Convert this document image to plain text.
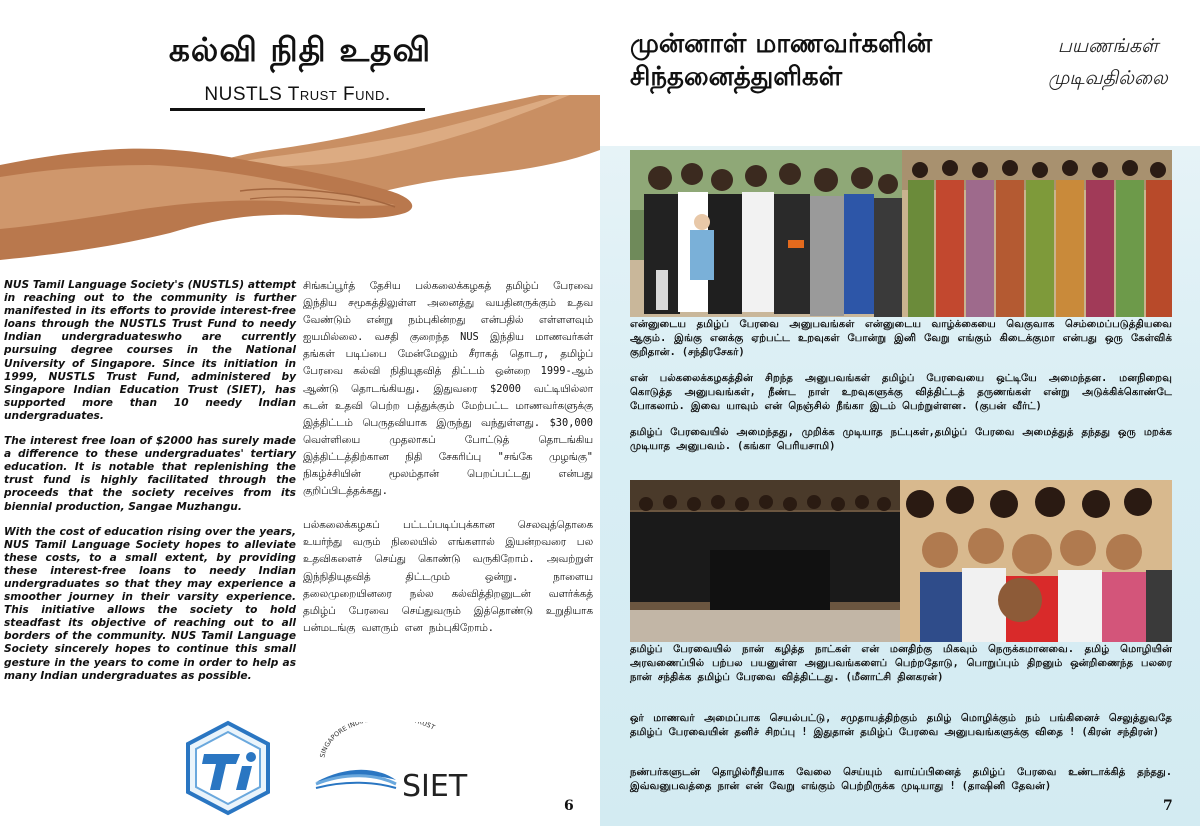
கல்வி நிதி உதவி
NUSTLS Trust Fund.

NUS Tamil Language Society's (NUSTLS) attempt in reaching out to the community is further manifested in its efforts to provide interest-free loans through the NUSTLS Trust Fund to needy Indian undergraduateswho are currently pursuing degree courses in the National University of Singapore. Since its initiation in 1999, NUSTLS Trust Fund, administered by Singapore Indian Education Trust (SIET), has supported more than 10 needy Indian undergraduates.

The interest free loan of $2000 has surely made a difference to these undergraduates' tertiary education. It is notable that replenishing the trust fund is highly facilitated through the proceeds that the society receives from its biennial production, Sangae Muzhangu.

With the cost of education rising over the years, NUS Tamil Language Society hopes to alleviate these costs, to a small extent, by providing these interest-free loans to needy Indian undergraduates so that they may experience a smoother journey in their varsity experience. This initiative allows the society to hold steadfast its objective of reaching out to all borders of the community. NUS Tamil Language Society sincerely hopes to continue this small gesture in the years to come in order to help as many Indian undergraduates as possible.

சிங்கப்பூர்த் தேசிய பல்கலைக்கழகத் தமிழ்ப் பேரவை இந்திய சமூகத்திலுள்ள அனைத்து வயதினருக்கும் உதவ வேண்டும் என்று நம்புகின்றது என்பதில் எள்ளளவும் ஐயமில்லை. வசதி குறைந்த NUS இந்திய மாணவர்கள் தங்கள் படிப்பை மேன்மேலும் சீராகத் தொடர, தமிழ்ப் பேரவை கல்வி நிதியுதவித் திட்டம் ஒன்றை 1999-ஆம் ஆண்டு தொடங்கியது. இதுவரை $2000 வட்டியில்லா கடன் உதவி பெற்ற பத்துக்கும் மேற்பட்ட மாணவர்களுக்கு இத்திட்டம் பெருதவியாக இருந்து வந்துள்ளது. $30,000 வெள்ளியை முதலாகப் போட்டுத் தொடங்கிய இத்திட்டத்திற்கான நிதி சேகரிப்பு "சங்கே முழங்கு" நிகழ்ச்சியின் மூலம்தான் பெறப்பட்டது என்பது குறிப்பிடத்தக்கது.

பல்கலைக்கழகப் பட்டப்படிப்புக்கான செலவுத்தொகை உயர்ந்து வரும் நிலையில் எங்களால் இயன்றவரை பல உதவிகளைச் செய்து கொண்டு வருகிறோம். அவற்றுள் இந்நிதியுதவித் திட்டமும் ஒன்று. நாளைய தலைமுறையினரை நல்ல கல்வித்திறனுடன் வளர்க்கத் தமிழ்ப் பேரவை செய்துவரும் இத்தொண்டு உறுதியாக பன்மடங்கு வளரும் என நம்புகிறோம்.

SINGAPORE IND UST
SIET
6
முன்னாள் மாணவர்களின்
சிந்தனைத்துளிகள்
பயணங்கள்
முடிவதில்லை
என்னுடைய தமிழ்ப் பேரவை அனுபவங்கள் என்னுடைய வாழ்க்கையை வெகுவாக செம்மைப்படுத்தியவை ஆகும். இங்கு எனக்கு ஏற்பட்ட உறவுகள் போன்று இனி வேறு எங்கும் கிடைக்குமா என்பது ஒரு கேள்விக் குறிதான். (சந்திரசேகர்)
என் பல்கலைக்கழகத்தின் சிறந்த அனுபவங்கள் தமிழ்ப் பேரவையை ஒட்டியே அமைந்தன. மனநிறைவு கொடுத்த அனுபவங்கள், நீண்ட நாள் உறவுகளுக்கு வித்திட்டத் தருணங்கள் என்று அடுக்கிக்கொண்டே போகலாம். இவை யாவும் என் நெஞ்சில் நீங்கா இடம் பெற்றுள்ளன. (குபன் வீர்ட்)
தமிழ்ப் பேரவையில் அமைந்தது, முறிக்க முடியாத நட்புகள்,தமிழ்ப் பேரவை அமைத்துத் தந்தது ஒரு மறக்க முடியாத அனுபவம். (கங்கா பெரியசாமி)
தமிழ்ப் பேரவையில் நான் கழித்த நாட்கள் என் மனதிற்கு மிகவும் நெருக்கமானவை. தமிழ் மொழியின் அரவணைப்பில் பற்பல பயனுள்ள அனுபவங்களைப் பெற்றதோடு, பொறுப்பும் திறனும் ஒன்றிணைந்த பலரை நான் சந்திக்க தமிழ்ப் பேரவை வித்திட்டது. (மீனாட்சி தினகரன்)
ஒர் மாணவர் அமைப்பாக செயல்பட்டு, சமுதாயத்திற்கும் தமிழ் மொழிக்கும் நம் பங்கினைச் செலுத்துவதே தமிழ்ப் பேரவையின் தனிச் சிறப்பு ! இதுதான் தமிழ்ப் பேரவை அனுபவங்களுக்கு விதை ! (கிரன் சந்திரன்)
நண்பர்களுடன் தொழில்ரீதியாக வேலை செய்யும் வாய்ப்பினைத் தமிழ்ப் பேரவை உண்டாக்கித் தந்தது. இவ்வனுபவத்தை நான் என் வேறு எங்கும் பெற்றிருக்க முடியாது ! (தாஷினி தேவன்)
7
